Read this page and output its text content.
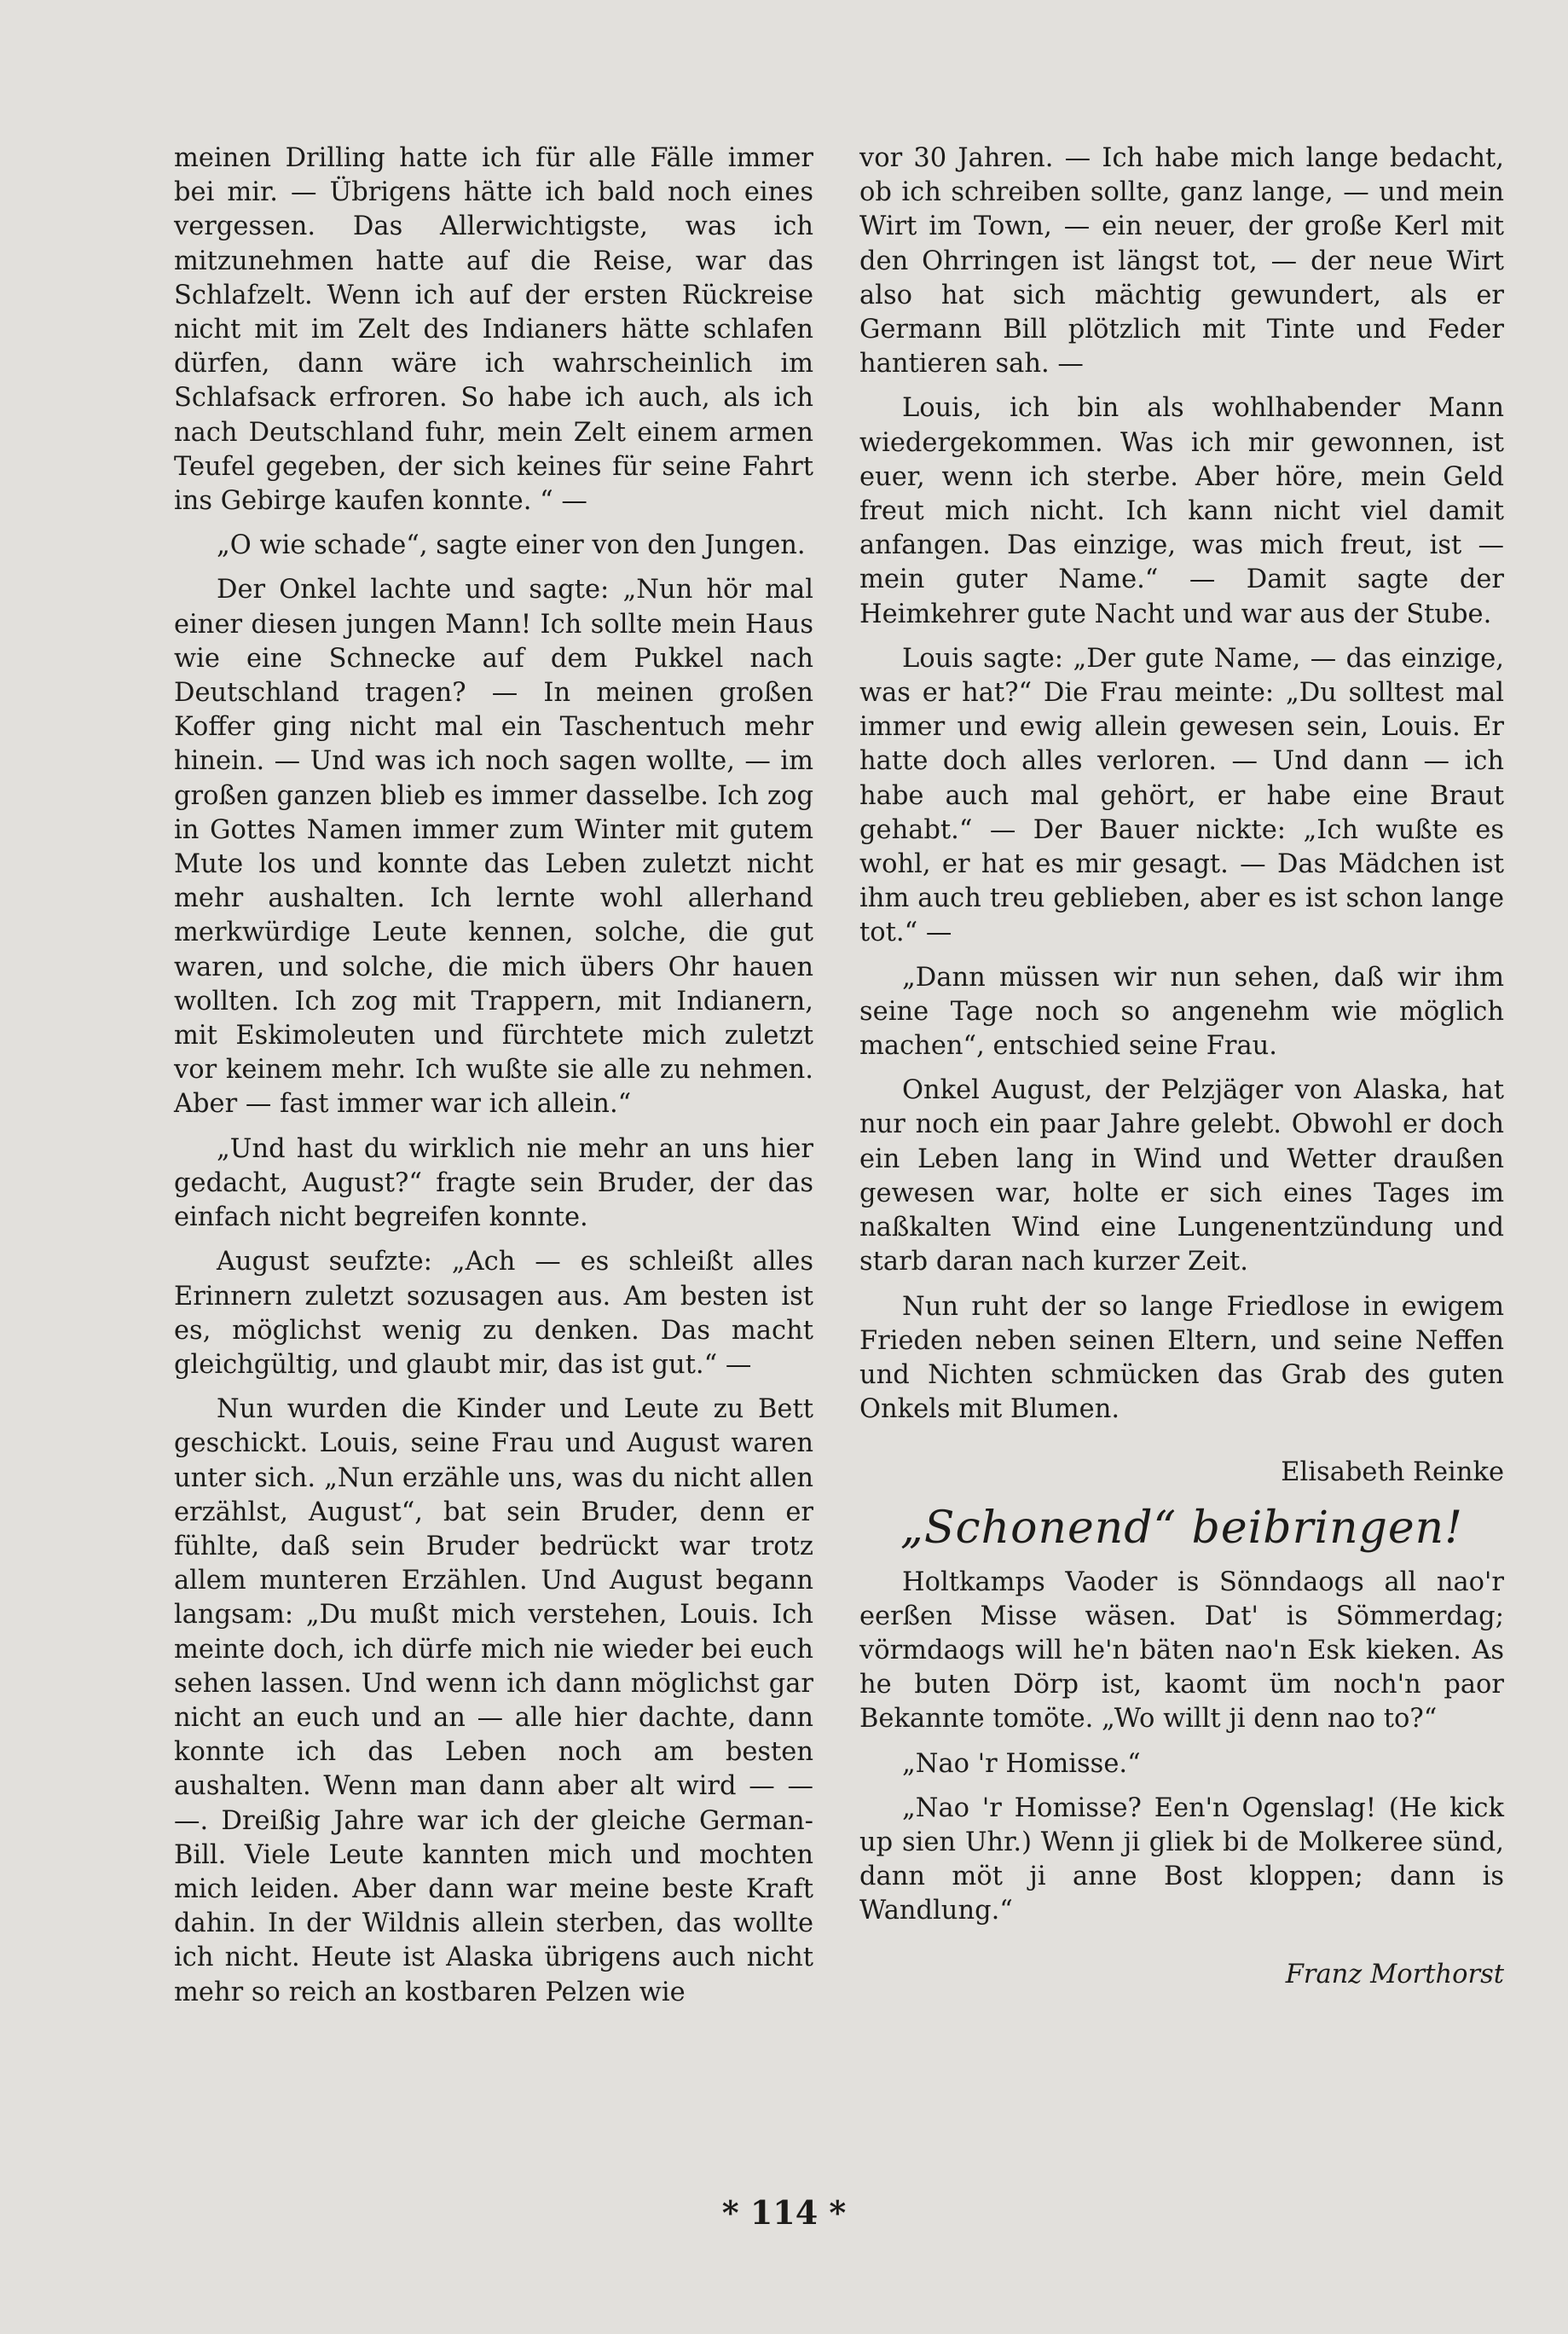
meinen Drilling hatte ich für alle Fälle immer bei mir. — Übrigens hätte ich bald noch eines vergessen. Das Allerwichtigste, was ich mitzunehmen hatte auf die Reise, war das Schlafzelt. Wenn ich auf der ersten Rückreise nicht mit im Zelt des Indianers hätte schlafen dürfen, dann wäre ich wahrscheinlich im Schlafsack erfroren. So habe ich auch, als ich nach Deutschland fuhr, mein Zelt einem armen Teufel gegeben, der sich keines für seine Fahrt ins Gebirge kaufen konnte. “ —

„O wie schade“, sagte einer von den Jungen.

Der Onkel lachte und sagte: „Nun hör mal einer diesen jungen Mann! Ich sollte mein Haus wie eine Schnecke auf dem Pukkel nach Deutschland tragen? — In meinen großen Koffer ging nicht mal ein Taschentuch mehr hinein. — Und was ich noch sagen wollte, — im großen ganzen blieb es immer dasselbe. Ich zog in Gottes Namen immer zum Winter mit gutem Mute los und konnte das Leben zuletzt nicht mehr aushalten. Ich lernte wohl allerhand merkwürdige Leute kennen, solche, die gut waren, und solche, die mich übers Ohr hauen wollten. Ich zog mit Trappern, mit Indianern, mit Eskimoleuten und fürchtete mich zuletzt vor keinem mehr. Ich wußte sie alle zu nehmen. Aber — fast immer war ich allein.“

„Und hast du wirklich nie mehr an uns hier gedacht, August?“ fragte sein Bruder, der das einfach nicht begreifen konnte.

August seufzte: „Ach — es schleißt alles Erinnern zuletzt sozusagen aus. Am besten ist es, möglichst wenig zu denken. Das macht gleichgültig, und glaubt mir, das ist gut.“ —

Nun wurden die Kinder und Leute zu Bett geschickt. Louis, seine Frau und August waren unter sich. „Nun erzähle uns, was du nicht allen erzählst, August“, bat sein Bruder, denn er fühlte, daß sein Bruder bedrückt war trotz allem munteren Erzählen. Und August begann langsam: „Du mußt mich verstehen, Louis. Ich meinte doch, ich dürfe mich nie wieder bei euch sehen lassen. Und wenn ich dann möglichst gar nicht an euch und an — alle hier dachte, dann konnte ich das Leben noch am besten aushalten. Wenn man dann aber alt wird — — —. Dreißig Jahre war ich der gleiche German-Bill. Viele Leute kannten mich und mochten mich leiden. Aber dann war meine beste Kraft dahin. In der Wildnis allein sterben, das wollte ich nicht. Heute ist Alaska übrigens auch nicht mehr so reich an kostbaren Pelzen wie

vor 30 Jahren. — Ich habe mich lange bedacht, ob ich schreiben sollte, ganz lange, — und mein Wirt im Town, — ein neuer, der große Kerl mit den Ohrringen ist längst tot, — der neue Wirt also hat sich mächtig gewundert, als er Germann Bill plötzlich mit Tinte und Feder hantieren sah. —

Louis, ich bin als wohlhabender Mann wiedergekommen. Was ich mir gewonnen, ist euer, wenn ich sterbe. Aber höre, mein Geld freut mich nicht. Ich kann nicht viel damit anfangen. Das einzige, was mich freut, ist — mein guter Name.“ — Damit sagte der Heimkehrer gute Nacht und war aus der Stube.

Louis sagte: „Der gute Name, — das einzige, was er hat?“ Die Frau meinte: „Du solltest mal immer und ewig allein gewesen sein, Louis. Er hatte doch alles verloren. — Und dann — ich habe auch mal gehört, er habe eine Braut gehabt.“ — Der Bauer nickte: „Ich wußte es wohl, er hat es mir gesagt. — Das Mädchen ist ihm auch treu geblieben, aber es ist schon lange tot.“ —

„Dann müssen wir nun sehen, daß wir ihm seine Tage noch so angenehm wie möglich machen“, entschied seine Frau.

Onkel August, der Pelzjäger von Alaska, hat nur noch ein paar Jahre gelebt. Obwohl er doch ein Leben lang in Wind und Wetter draußen gewesen war, holte er sich eines Tages im naßkalten Wind eine Lungenentzündung und starb daran nach kurzer Zeit.

Nun ruht der so lange Friedlose in ewigem Frieden neben seinen Eltern, und seine Neffen und Nichten schmücken das Grab des guten Onkels mit Blumen.

Elisabeth Reinke

„Schonend“ beibringen!

Holtkamps Vaoder is Sönndaogs all nao'r eerßen Misse wäsen. Dat' is Sömmerdag; vörmdaogs will he'n bäten nao'n Esk kieken. As he buten Dörp ist, kaomt üm noch'n paor Bekannte tomöte. „Wo willt ji denn nao to?“

„Nao 'r Homisse.“

„Nao 'r Homisse? Een'n Ogenslag! (He kick up sien Uhr.) Wenn ji gliek bi de Molkeree sünd, dann möt ji anne Bost kloppen; dann is Wandlung.“

Franz Morthorst

* 114 *
